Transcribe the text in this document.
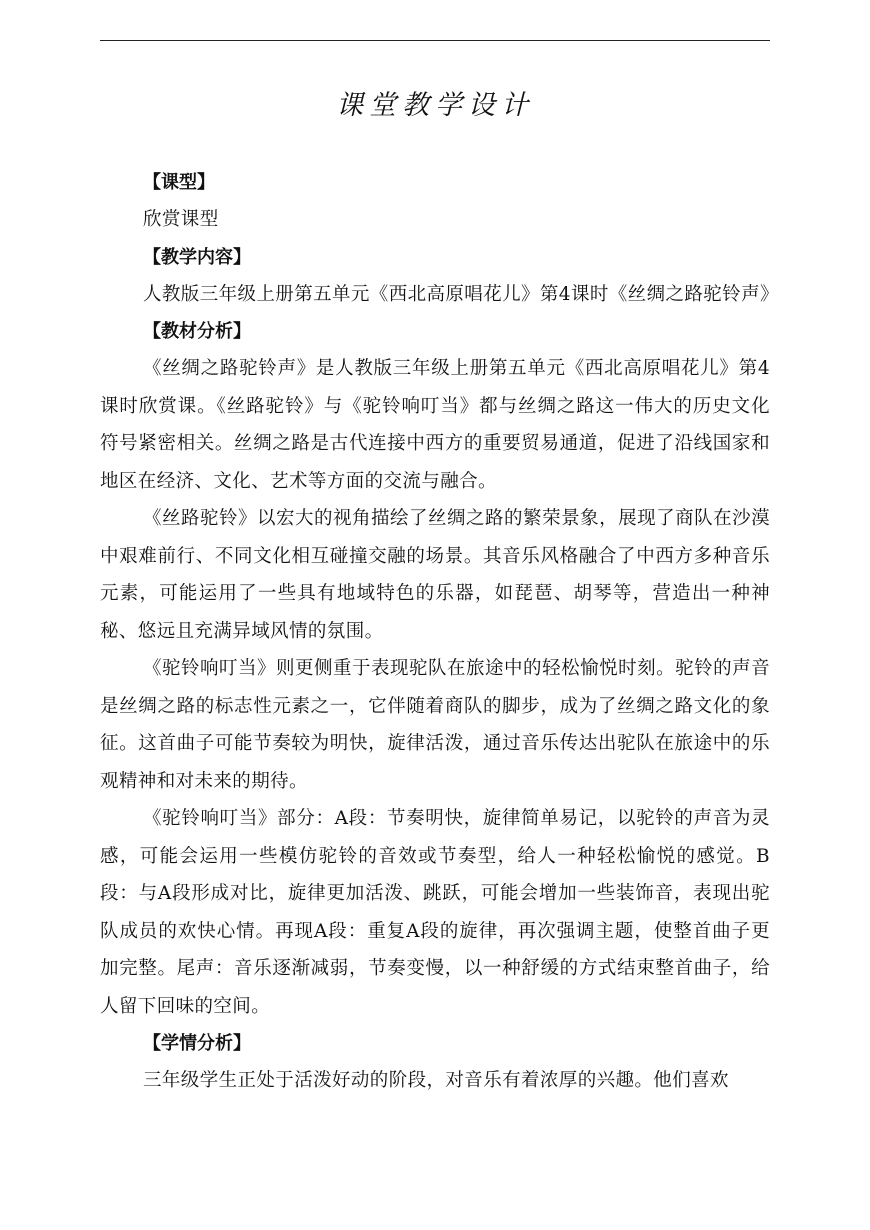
课堂教学设计

【课型】

欣赏课型

【教学内容】

人教版三年级上册第五单元《西北高原唱花儿》第4课时《丝绸之路驼铃声》

【教材分析】

《丝绸之路驼铃声》是人教版三年级上册第五单元《西北高原唱花儿》第4课时欣赏课。《丝路驼铃》与《驼铃响叮当》都与丝绸之路这一伟大的历史文化符号紧密相关。丝绸之路是古代连接中西方的重要贸易通道，促进了沿线国家和地区在经济、文化、艺术等方面的交流与融合。

《丝路驼铃》以宏大的视角描绘了丝绸之路的繁荣景象，展现了商队在沙漠中艰难前行、不同文化相互碰撞交融的场景。其音乐风格融合了中西方多种音乐元素，可能运用了一些具有地域特色的乐器，如琵琶、胡琴等，营造出一种神秘、悠远且充满异域风情的氛围。

《驼铃响叮当》则更侧重于表现驼队在旅途中的轻松愉悦时刻。驼铃的声音是丝绸之路的标志性元素之一，它伴随着商队的脚步，成为了丝绸之路文化的象征。这首曲子可能节奏较为明快，旋律活泼，通过音乐传达出驼队在旅途中的乐观精神和对未来的期待。

《驼铃响叮当》部分：A段：节奏明快，旋律简单易记，以驼铃的声音为灵感，可能会运用一些模仿驼铃的音效或节奏型，给人一种轻松愉悦的感觉。B段：与A段形成对比，旋律更加活泼、跳跃，可能会增加一些装饰音，表现出驼队成员的欢快心情。再现A段：重复A段的旋律，再次强调主题，使整首曲子更加完整。尾声：音乐逐渐减弱，节奏变慢，以一种舒缓的方式结束整首曲子，给人留下回味的空间。

【学情分析】

三年级学生正处于活泼好动的阶段，对音乐有着浓厚的兴趣。他们喜欢
